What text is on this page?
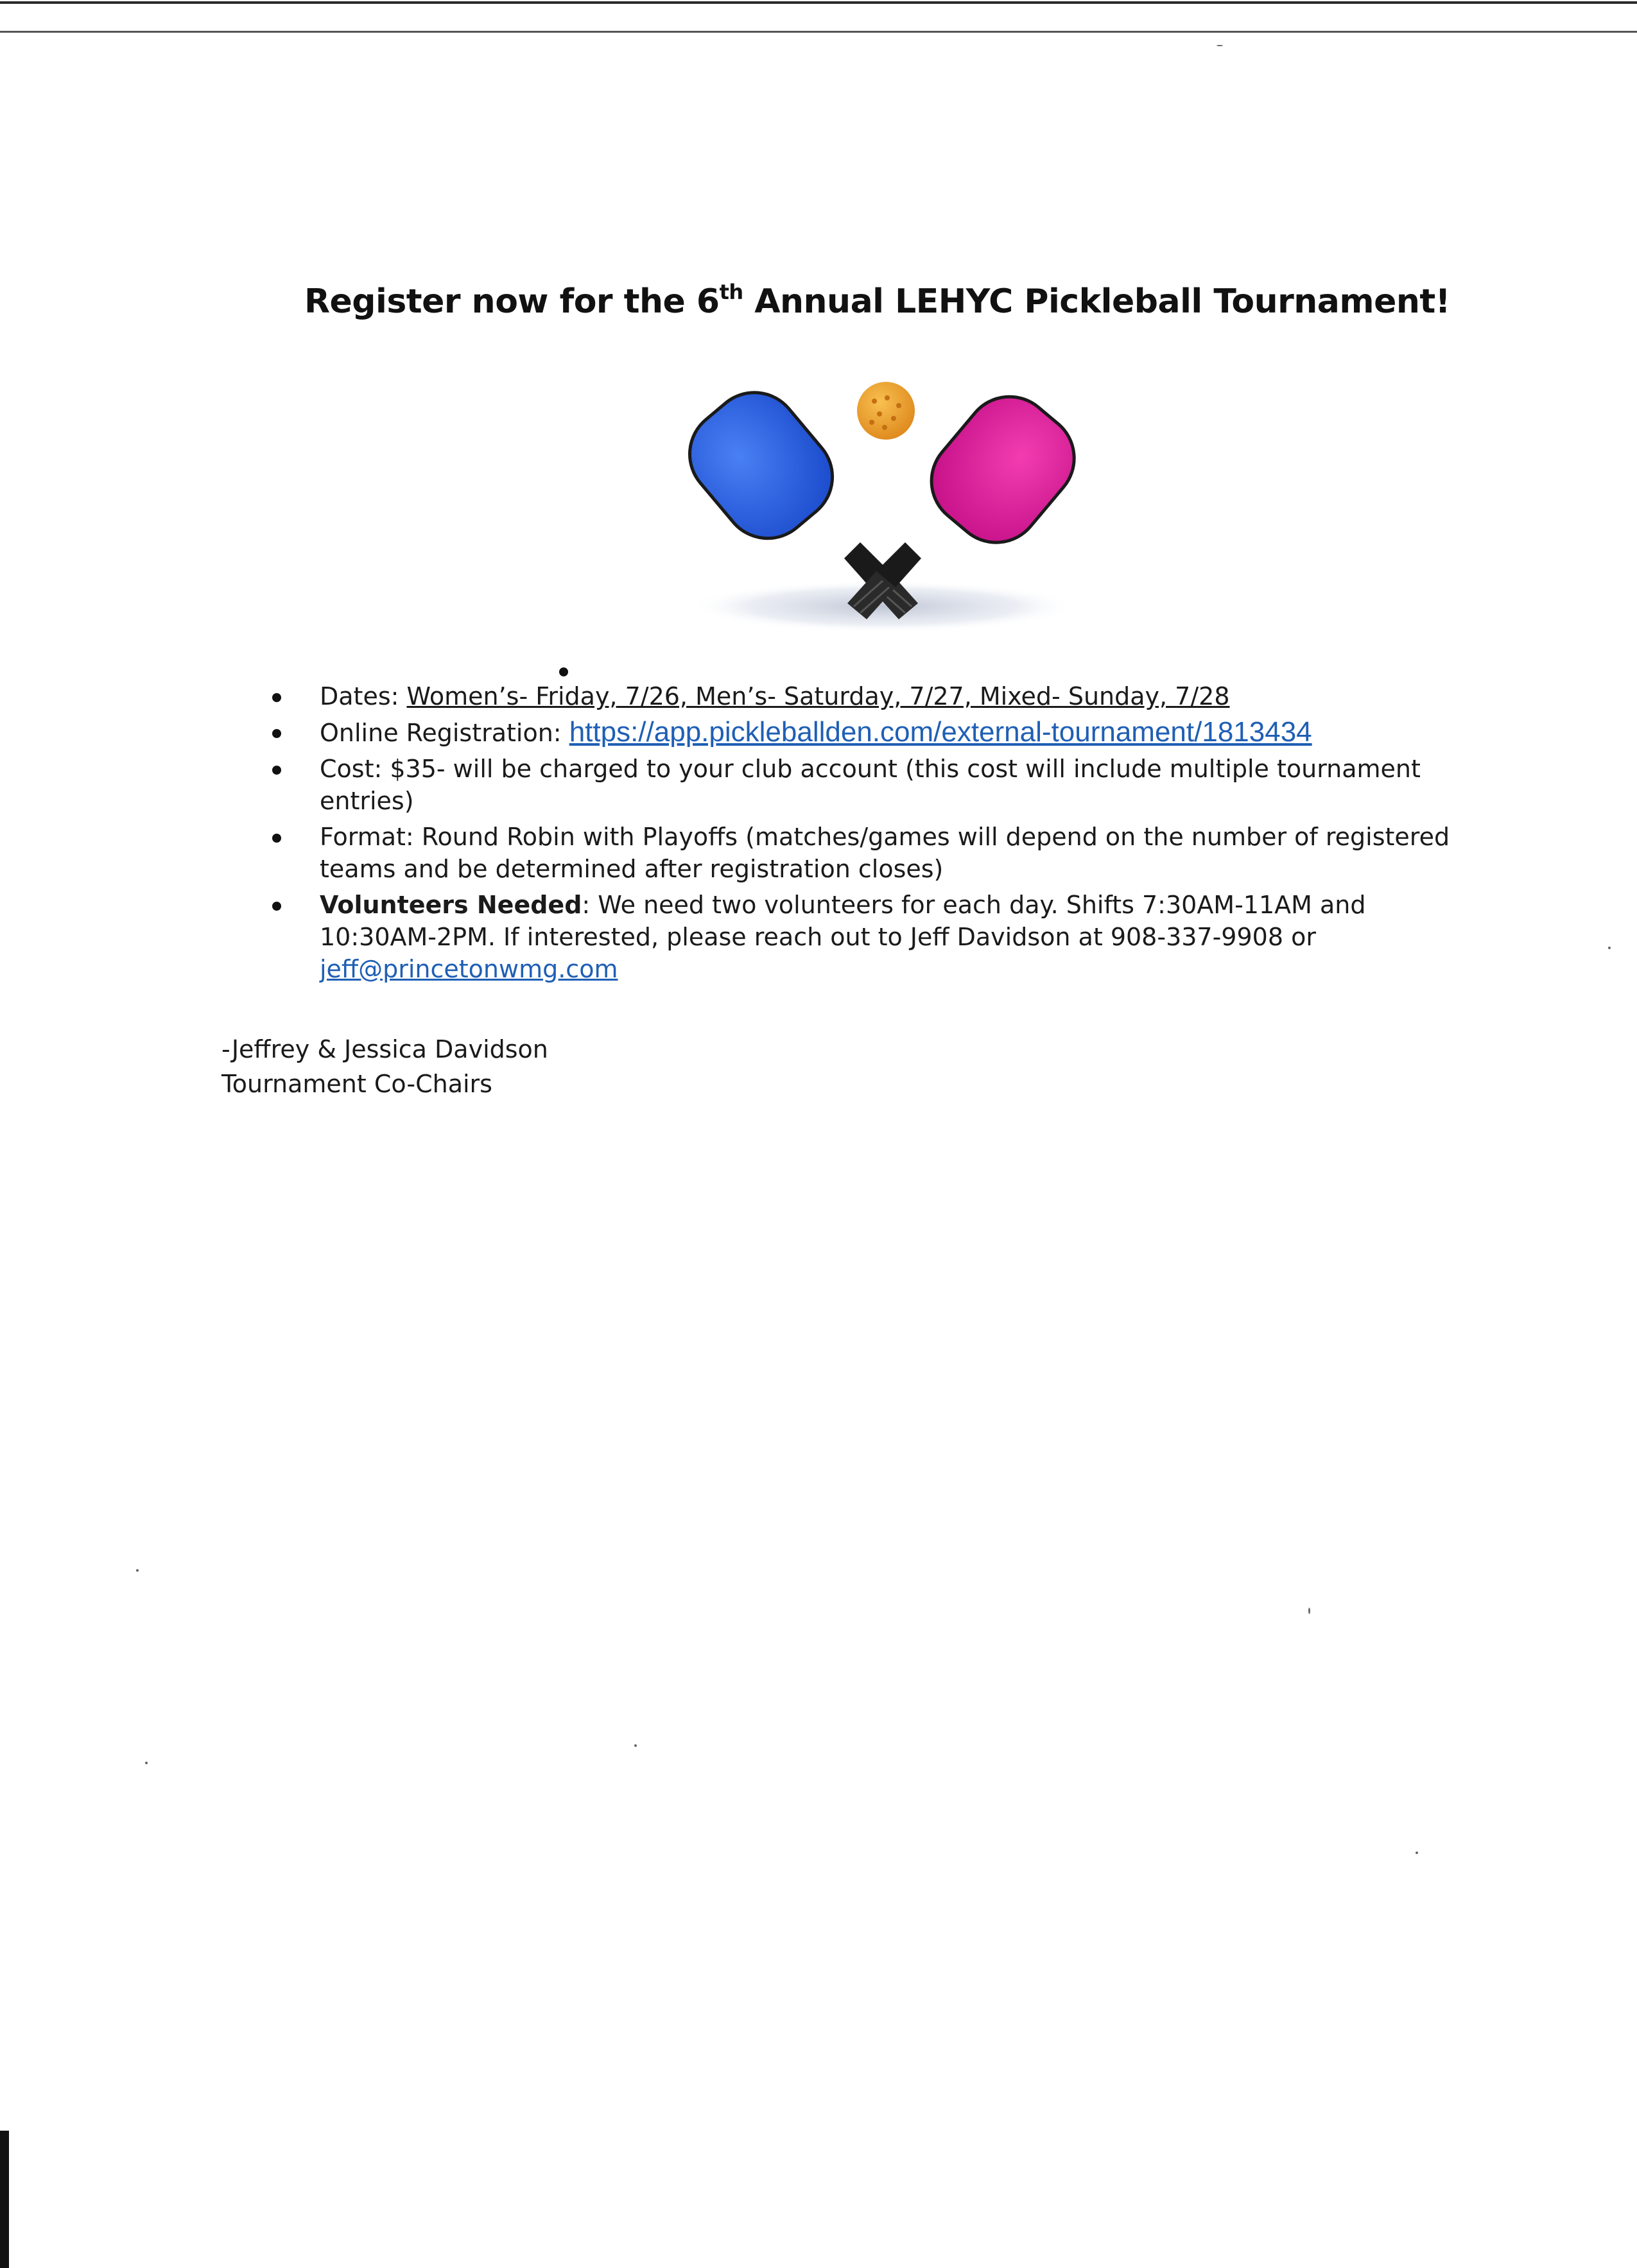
Register now for the 6th Annual LEHYC Pickleball Tournament!
Dates: Women’s- Friday, 7/26, Men’s- Saturday, 7/27, Mixed- Sunday, 7/28
Online Registration: https://app.pickleballden.com/external-tournament/1813434
Cost: $35- will be charged to your club account (this cost will include multiple tournament entries)
Format: Round Robin with Playoffs (matches/games will depend on the number of registered teams and be determined after registration closes)
Volunteers Needed: We need two volunteers for each day. Shifts 7:30AM-11AM and 10:30AM-2PM. If interested, please reach out to Jeff Davidson at 908-337-9908 or jeff@princetonwmg.com
-Jeffrey & Jessica Davidson
Tournament Co-Chairs
